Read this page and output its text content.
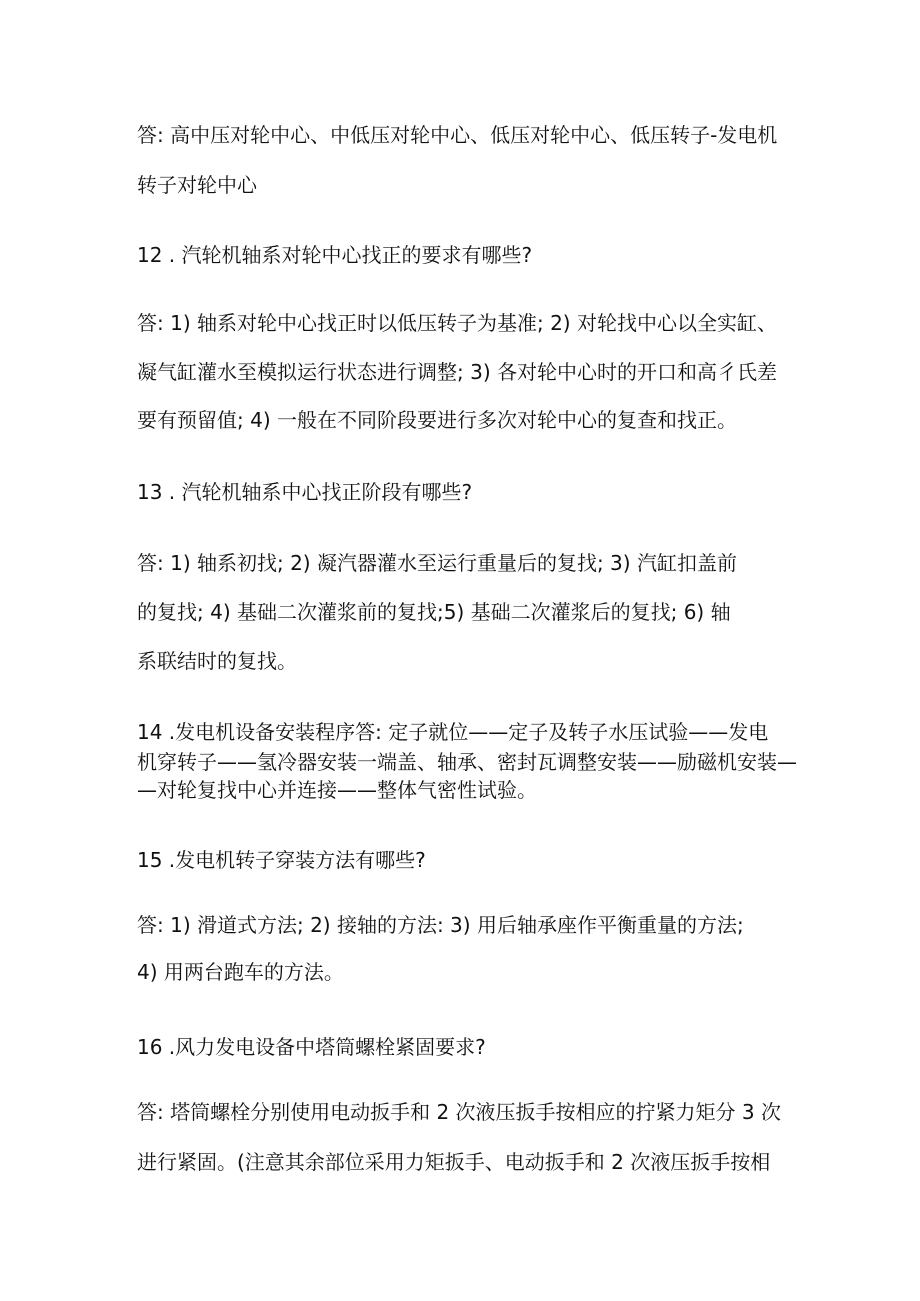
答: 高中压对轮中心、中低压对轮中心、低压对轮中心、低压转子-发电机

转子对轮中心

12 . 汽轮机轴系对轮中心找正的要求有哪些?

答: 1) 轴系对轮中心找正时以低压转子为基准; 2) 对轮找中心以全实缸、

凝气缸灌水至模拟运行状态进行调整; 3) 各对轮中心时的开口和高彳氏差

要有预留值; 4) 一般在不同阶段要进行多次对轮中心的复查和找正。

13 . 汽轮机轴系中心找正阶段有哪些?

答: 1) 轴系初找; 2) 凝汽器灌水至运行重量后的复找; 3) 汽缸扣盖前

的复找; 4) 基础二次灌浆前的复找;5) 基础二次灌浆后的复找; 6) 轴

系联结时的复找。

14 .发电机设备安装程序答: 定子就位——定子及转子水压试验——发电

机穿转子——氢冷器安装一端盖、轴承、密封瓦调整安装——励磁机安装—

—对轮复找中心并连接——整体气密性试验。

15 .发电机转子穿装方法有哪些?

答: 1) 滑道式方法; 2) 接轴的方法: 3) 用后轴承座作平衡重量的方法;

4) 用两台跑车的方法。

16 .风力发电设备中塔筒螺栓紧固要求?

答: 塔筒螺栓分别使用电动扳手和 2 次液压扳手按相应的拧紧力矩分 3 次

进行紧固。(注意其余部位采用力矩扳手、电动扳手和 2 次液压扳手按相
